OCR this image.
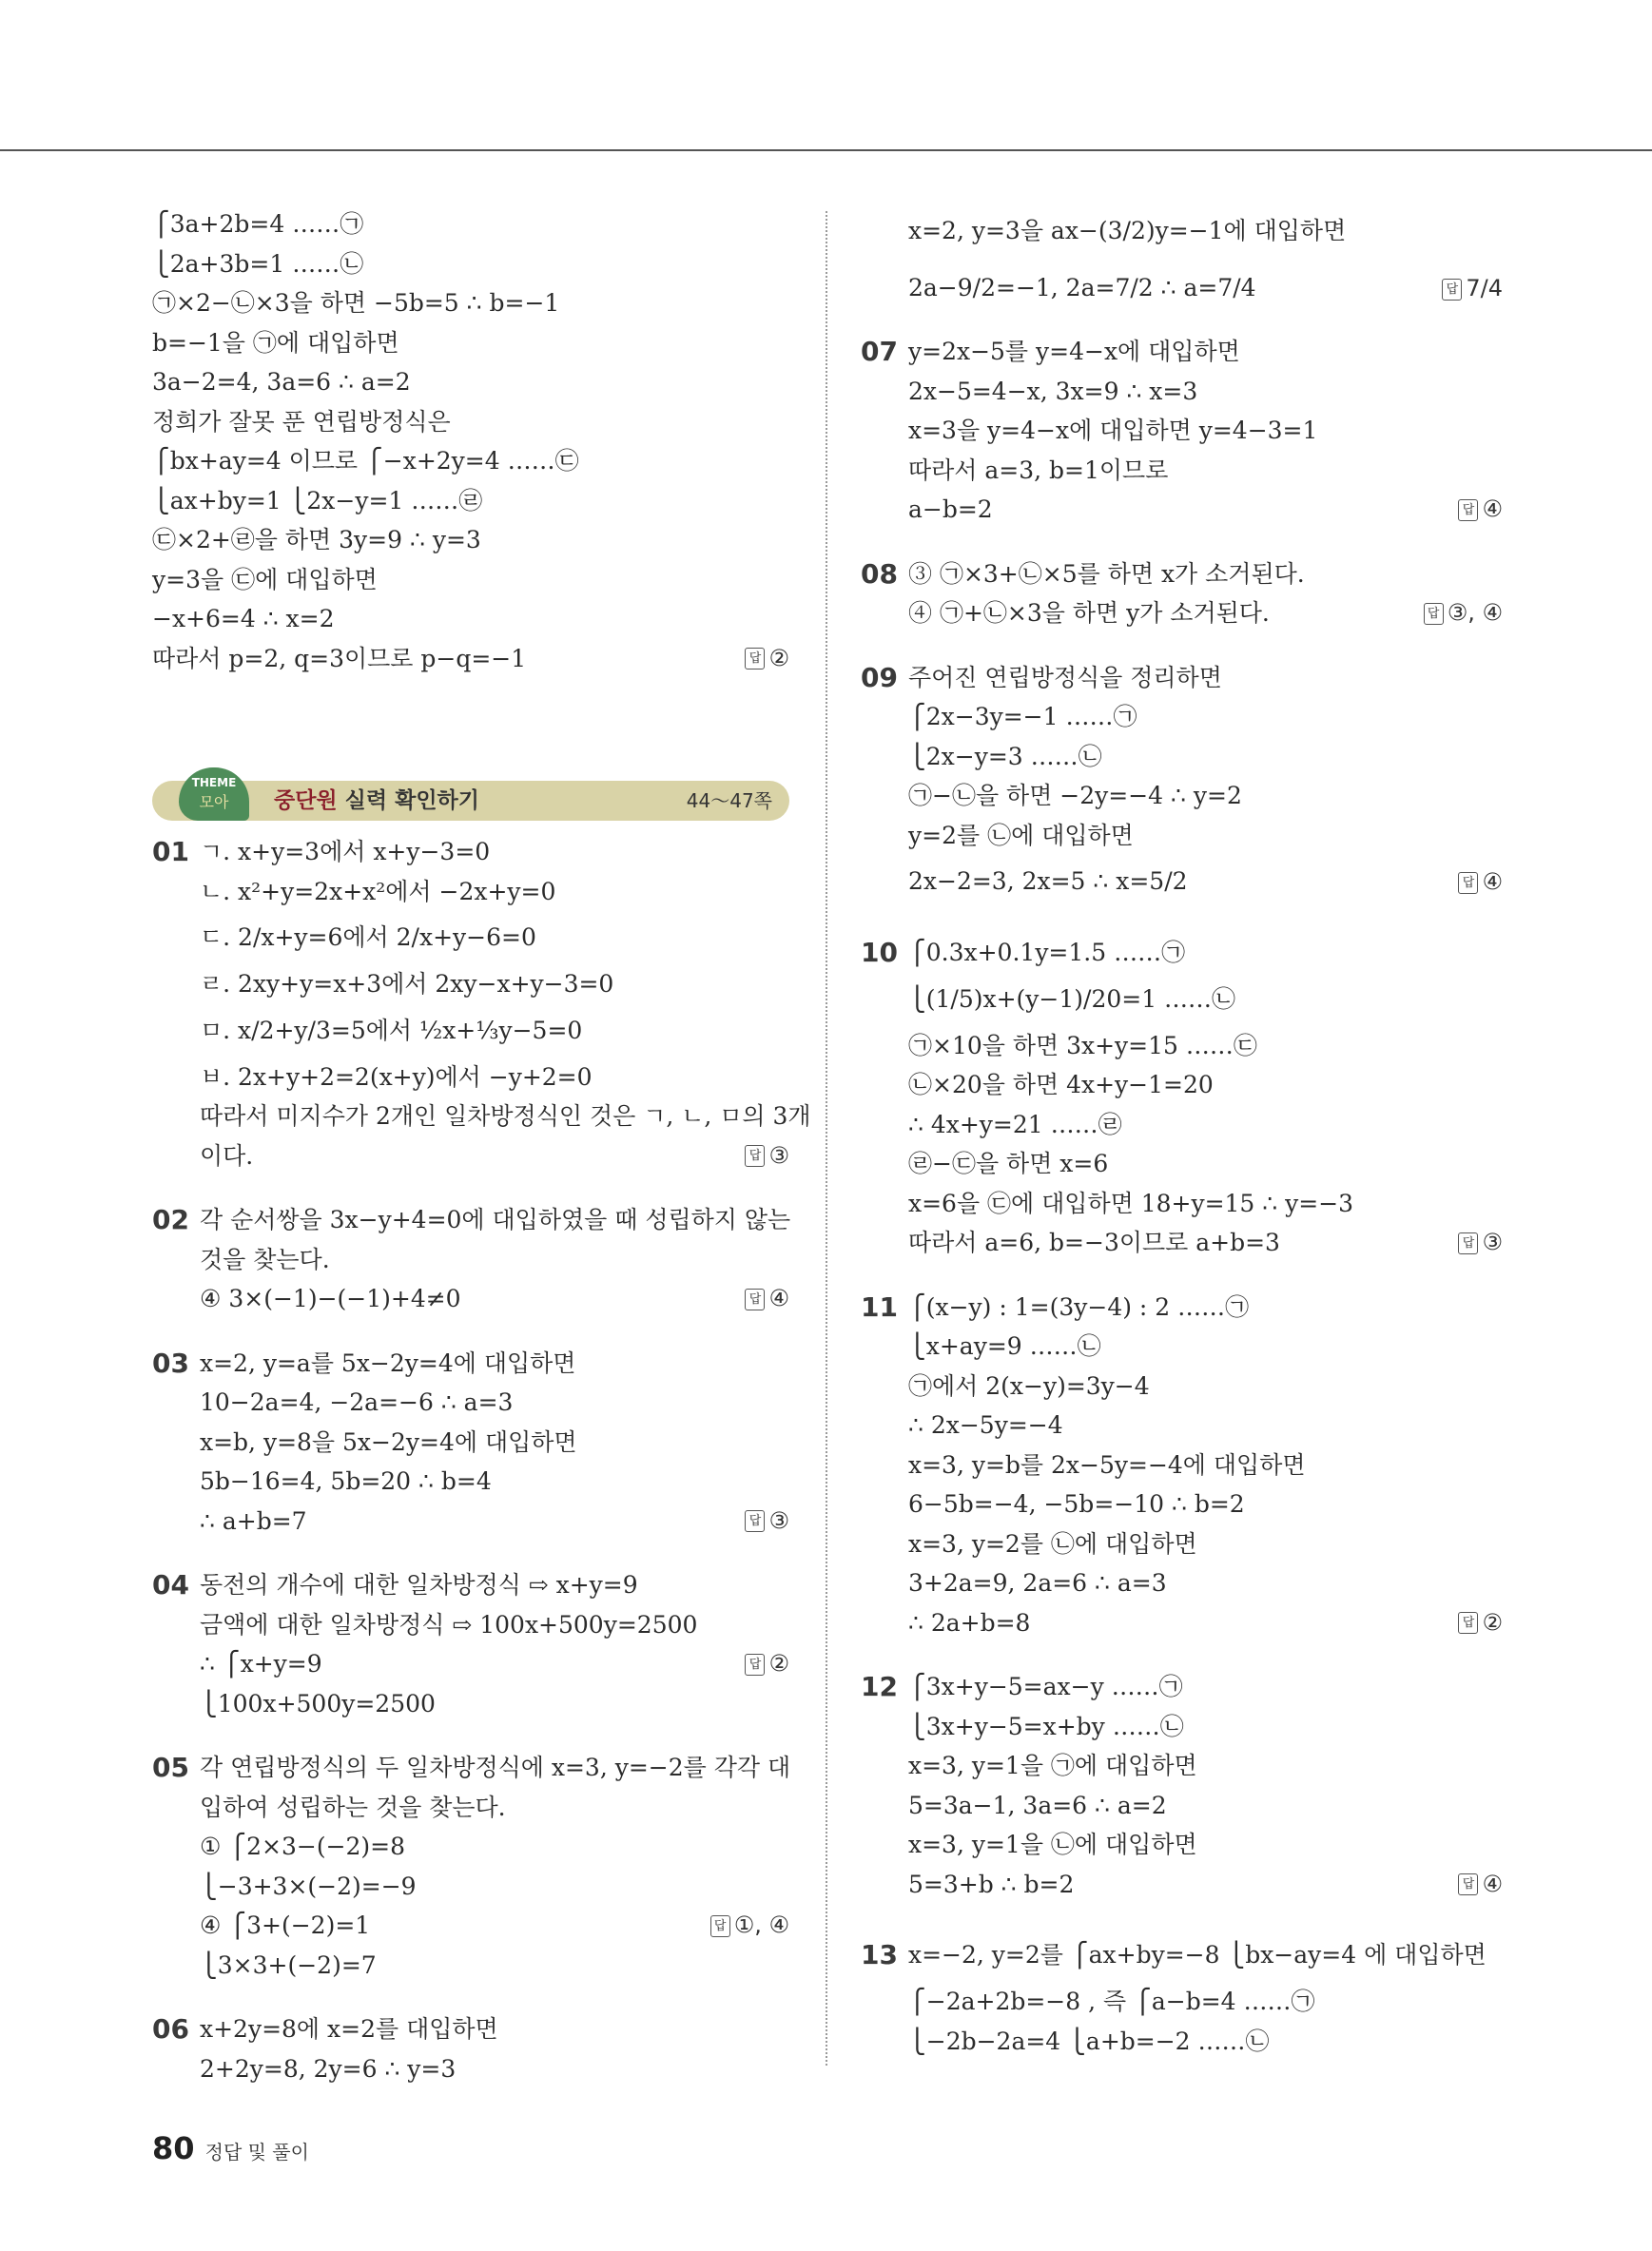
⎧3a+2b=4 ……㉠
⎩2a+3b=1 ……㉡
㉠×2−㉡×3을 하면 −5b=5 ∴ b=−1
b=−1을 ㉠에 대입하면
3a−2=4, 3a=6 ∴ a=2
정희가 잘못 푼 연립방정식은
⎧bx+ay=4 이므로 ⎧−x+2y=4 ……㉢
⎩ax+by=1 ⎩2x−y=1 ……㉣
㉢×2+㉣을 하면 3y=9 ∴ y=3
y=3을 ㉢에 대입하면
−x+6=4 ∴ x=2
따라서 p=2, q=3이므로 p−q=−1	답 ②
THEME
모아	중단원 실력 확인하기	44～47쪽
01 ㄱ. x+y=3에서 x+y−3=0
ㄴ. x²+y=2x+x²에서 −2x+y=0
ㄷ. 2/x+y=6에서 2/x+y−6=0
ㄹ. 2xy+y=x+3에서 2xy−x+y−3=0
ㅁ. x/2+y/3=5에서 ½x+⅓y−5=0
ㅂ. 2x+y+2=2(x+y)에서 −y+2=0
따라서 미지수가 2개인 일차방정식인 것은 ㄱ, ㄴ, ㅁ의 3개
이다.	답 ③
02 각 순서쌍을 3x−y+4=0에 대입하였을 때 성립하지 않는
것을 찾는다.
④ 3×(−1)−(−1)+4≠0	답 ④
03 x=2, y=a를 5x−2y=4에 대입하면
10−2a=4, −2a=−6 ∴ a=3
x=b, y=8을 5x−2y=4에 대입하면
5b−16=4, 5b=20 ∴ b=4
∴ a+b=7	답 ③
04 동전의 개수에 대한 일차방정식 ⇨ x+y=9
금액에 대한 일차방정식 ⇨ 100x+500y=2500
∴ ⎧x+y=9	답 ②
⎩100x+500y=2500
05 각 연립방정식의 두 일차방정식에 x=3, y=−2를 각각 대
입하여 성립하는 것을 찾는다.
① ⎧2×3−(−2)=8
⎩−3+3×(−2)=−9
④ ⎧3+(−2)=1	답 ①, ④
⎩3×3+(−2)=7
06 x+2y=8에 x=2를 대입하면
2+2y=8, 2y=6 ∴ y=3
x=2, y=3을 ax−(3/2)y=−1에 대입하면
2a−9/2=−1, 2a=7/2 ∴ a=7/4	답 7/4
07 y=2x−5를 y=4−x에 대입하면
2x−5=4−x, 3x=9 ∴ x=3
x=3을 y=4−x에 대입하면 y=4−3=1
따라서 a=3, b=1이므로
a−b=2	답 ④
08 ③ ㉠×3+㉡×5를 하면 x가 소거된다.
④ ㉠+㉡×3을 하면 y가 소거된다.	답 ③, ④
09 주어진 연립방정식을 정리하면
⎧2x−3y=−1 ……㉠
⎩2x−y=3 ……㉡
㉠−㉡을 하면 −2y=−4 ∴ y=2
y=2를 ㉡에 대입하면
2x−2=3, 2x=5 ∴ x=5/2	답 ④
10 ⎧0.3x+0.1y=1.5 ……㉠
⎩(1/5)x+(y−1)/20=1 ……㉡
㉠×10을 하면 3x+y=15 ……㉢
㉡×20을 하면 4x+y−1=20
∴ 4x+y=21 ……㉣
㉣−㉢을 하면 x=6
x=6을 ㉢에 대입하면 18+y=15 ∴ y=−3
따라서 a=6, b=−3이므로 a+b=3	답 ③
11 ⎧(x−y) : 1=(3y−4) : 2 ……㉠
⎩x+ay=9 ……㉡
㉠에서 2(x−y)=3y−4
∴ 2x−5y=−4
x=3, y=b를 2x−5y=−4에 대입하면
6−5b=−4, −5b=−10 ∴ b=2
x=3, y=2를 ㉡에 대입하면
3+2a=9, 2a=6 ∴ a=3
∴ 2a+b=8	답 ②
12 ⎧3x+y−5=ax−y ……㉠
⎩3x+y−5=x+by ……㉡
x=3, y=1을 ㉠에 대입하면
5=3a−1, 3a=6 ∴ a=2
x=3, y=1을 ㉡에 대입하면
5=3+b ∴ b=2	답 ④
13 x=−2, y=2를 ⎧ax+by=−8 ⎩bx−ay=4 에 대입하면
⎧−2a+2b=−8 , 즉 ⎧a−b=4 ……㉠
⎩−2b−2a=4 ⎩a+b=−2 ……㉡
80 정답 및 풀이
